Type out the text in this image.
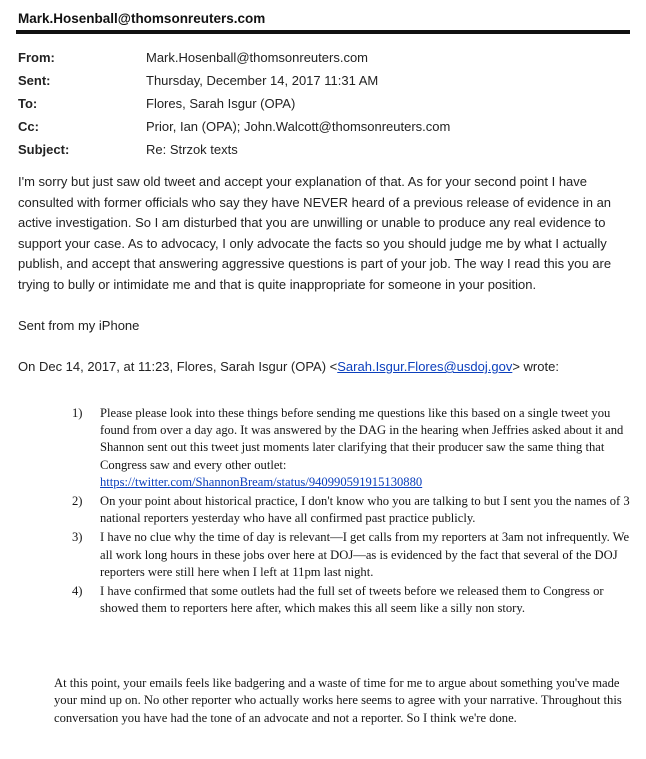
Mark.Hosenball@thomsonreuters.com
From:	Mark.Hosenball@thomsonreuters.com
Sent:	Thursday, December 14, 2017 11:31 AM
To:	Flores, Sarah Isgur (OPA)
Cc:	Prior, Ian (OPA); John.Walcott@thomsonreuters.com
Subject:	Re: Strzok texts
I'm sorry but just saw old tweet and accept your explanation of that. As for your second point I have consulted with former officials who say they have NEVER heard of a previous release of evidence in an active investigation. So I am disturbed that you are unwilling or unable to produce any real evidence to support your case. As to advocacy, I only advocate the facts so you should judge me by what I actually publish, and accept that answering aggressive questions is part of your job. The way I read this you are trying to bully or intimidate me and that is quite inappropriate for someone in your position.
Sent from my iPhone
On Dec 14, 2017, at 11:23, Flores, Sarah Isgur (OPA) <Sarah.Isgur.Flores@usdoj.gov> wrote:
1)	Please please look into these things before sending me questions like this based on a single tweet you found from over a day ago. It was answered by the DAG in the hearing when Jeffries asked about it and Shannon sent out this tweet just moments later clarifying that their producer saw the same thing that Congress saw and every other outlet:
https://twitter.com/ShannonBream/status/940990591915130880
2)	On your point about historical practice, I don't know who you are talking to but I sent you the names of 3 national reporters yesterday who have all confirmed past practice publicly.
3)	I have no clue why the time of day is relevant—I get calls from my reporters at 3am not infrequently. We all work long hours in these jobs over here at DOJ—as is evidenced by the fact that several of the DOJ reporters were still here when I left at 11pm last night.
4)	I have confirmed that some outlets had the full set of tweets before we released them to Congress or showed them to reporters here after, which makes this all seem like a silly non story.
At this point, your emails feels like badgering and a waste of time for me to argue about something you've made your mind up on. No other reporter who actually works here seems to agree with your narrative. Throughout this conversation you have had the tone of an advocate and not a reporter. So I think we're done.
